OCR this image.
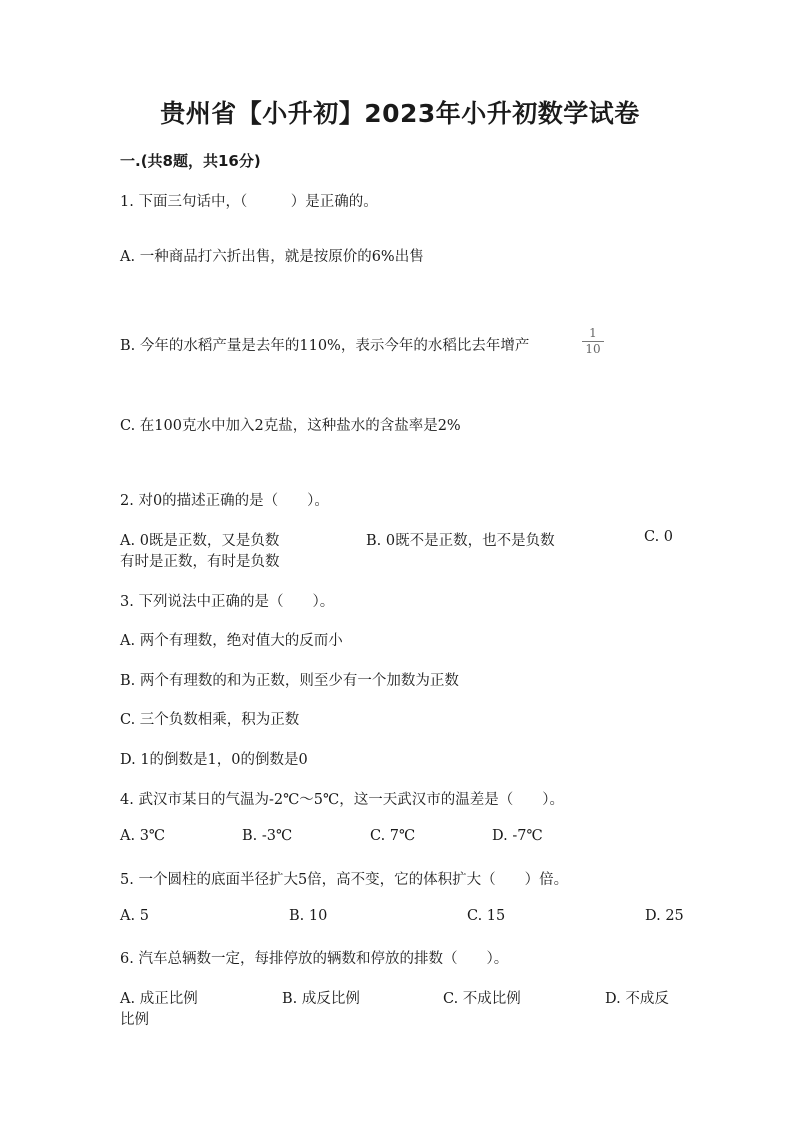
贵州省【小升初】2023年小升初数学试卷
一.(共8题，共16分)
1. 下面三句话中，（　　　）是正确的。
A. 一种商品打六折出售，就是按原价的6%出售
B. 今年的水稻产量是去年的110%，表示今年的水稻比去年增产
1
10
C. 在100克水中加入2克盐，这种盐水的含盐率是2%
2. 对0的描述正确的是（　　）。
A. 0既是正数，又是负数	B. 0既不是正数，也不是负数	C. 0
有时是正数，有时是负数
3. 下列说法中正确的是（　　）。
A. 两个有理数，绝对值大的反而小
B. 两个有理数的和为正数，则至少有一个加数为正数
C. 三个负数相乘，积为正数
D. 1的倒数是1，0的倒数是0
4. 武汉市某日的气温为-2℃～5℃，这一天武汉市的温差是（　　）。
A. 3℃	B. -3℃	C. 7℃	D. -7℃
5. 一个圆柱的底面半径扩大5倍，高不变，它的体积扩大（　　）倍。
A. 5	B. 10	C. 15	D. 25
6. 汽车总辆数一定，每排停放的辆数和停放的排数（　　）。
A. 成正比例	B. 成反比例	C. 不成比例	D. 不成反
比例
